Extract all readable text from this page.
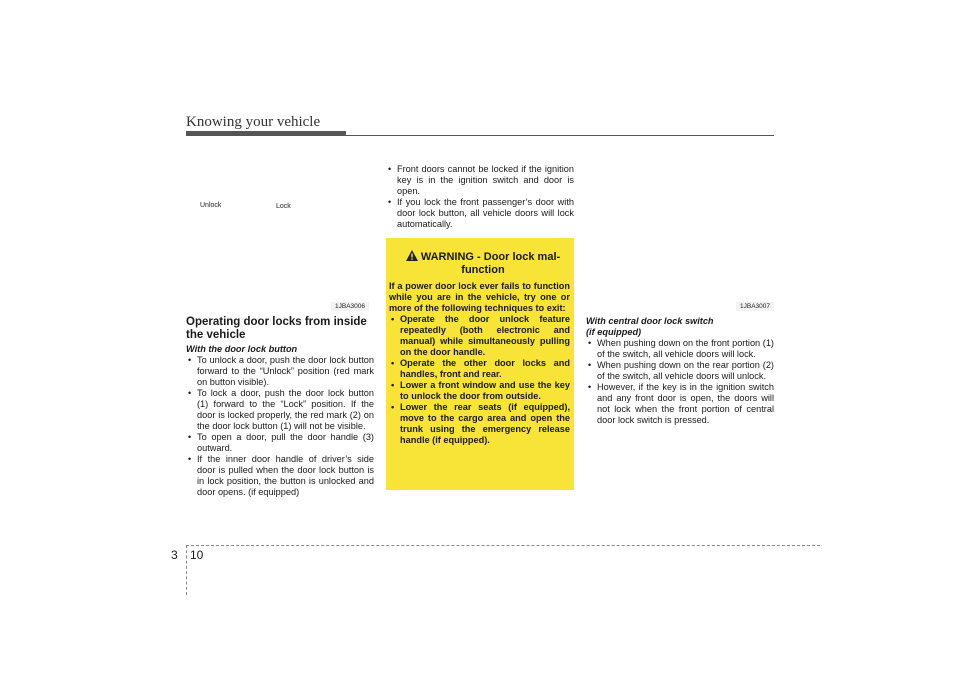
Knowing your vehicle
Unlock	Lock
1JBA3006

Operating door locks from inside the vehicle

With the door lock button

• To unlock a door, push the door lock button forward to the “Unlock” position (red mark on button visible).
• To lock a door, push the door lock button (1) forward to the “Lock” position. If the door is locked properly, the red mark (2) on the door lock button (1) will not be visible.
• To open a door, pull the door handle (3) outward.
• If the inner door handle of driver’s side door is pulled when the door lock button is in lock position, the button is unlocked and door opens. (if equipped)
• Front doors cannot be locked if the ignition key is in the ignition switch and door is open.
• If you lock the front passenger’s door with door lock button, all vehicle doors will lock automatically.
WARNING - Door lock mal-function
If a power door lock ever fails to function while you are in the vehicle, try one or more of the following techniques to exit:
• Operate the door unlock feature repeatedly (both electronic and manual) while simultaneously pulling on the door handle.
• Operate the other door locks and handles, front and rear.
• Lower a front window and use the key to unlock the door from outside.
• Lower the rear seats (if equipped), move to the cargo area and open the trunk using the emergency release handle (if equipped).
1JBA3007

With central door lock switch

(if equipped)

• When pushing down on the front portion (1) of the switch, all vehicle doors will lock.
• When pushing down on the rear portion (2) of the switch, all vehicle doors will unlock.
• However, if the key is in the ignition switch and any front door is open, the doors will not lock when the front portion of central door lock switch is pressed.
3 10
